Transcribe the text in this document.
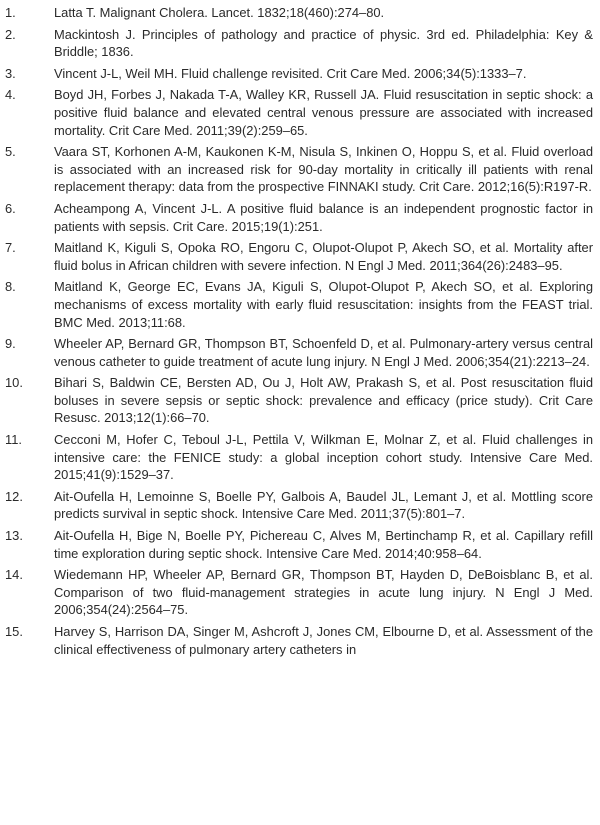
1.	Latta T. Malignant Cholera. Lancet. 1832;18(460):274–80.
2.	Mackintosh J. Principles of pathology and practice of physic. 3rd ed. Philadelphia: Key & Briddle; 1836.
3.	Vincent J-L, Weil MH. Fluid challenge revisited. Crit Care Med. 2006;34(5):1333–7.
4.	Boyd JH, Forbes J, Nakada T-A, Walley KR, Russell JA. Fluid resuscitation in septic shock: a positive fluid balance and elevated central venous pressure are associated with increased mortality. Crit Care Med. 2011;39(2):259–65.
5.	Vaara ST, Korhonen A-M, Kaukonen K-M, Nisula S, Inkinen O, Hoppu S, et al. Fluid overload is associated with an increased risk for 90-day mortality in critically ill patients with renal replacement therapy: data from the prospective FINNAKI study. Crit Care. 2012;16(5):R197-R.
6.	Acheampong A, Vincent J-L. A positive fluid balance is an independent prognostic factor in patients with sepsis. Crit Care. 2015;19(1):251.
7.	Maitland K, Kiguli S, Opoka RO, Engoru C, Olupot-Olupot P, Akech SO, et al. Mortality after fluid bolus in African children with severe infection. N Engl J Med. 2011;364(26):2483–95.
8.	Maitland K, George EC, Evans JA, Kiguli S, Olupot-Olupot P, Akech SO, et al. Exploring mechanisms of excess mortality with early fluid resuscitation: insights from the FEAST trial. BMC Med. 2013;11:68.
9.	Wheeler AP, Bernard GR, Thompson BT, Schoenfeld D, et al. Pulmonary-artery versus central venous catheter to guide treatment of acute lung injury. N Engl J Med. 2006;354(21):2213–24.
10. Bihari S, Baldwin CE, Bersten AD, Ou J, Holt AW, Prakash S, et al. Post resuscitation fluid boluses in severe sepsis or septic shock: prevalence and efficacy (price study). Crit Care Resusc. 2013;12(1):66–70.
11. Cecconi M, Hofer C, Teboul J-L, Pettila V, Wilkman E, Molnar Z, et al. Fluid challenges in intensive care: the FENICE study: a global inception cohort study. Intensive Care Med. 2015;41(9):1529–37.
12. Ait-Oufella H, Lemoinne S, Boelle PY, Galbois A, Baudel JL, Lemant J, et al. Mottling score predicts survival in septic shock. Intensive Care Med. 2011;37(5):801–7.
13. Ait-Oufella H, Bige N, Boelle PY, Pichereau C, Alves M, Bertinchamp R, et al. Capillary refill time exploration during septic shock. Intensive Care Med. 2014;40:958–64.
14. Wiedemann HP, Wheeler AP, Bernard GR, Thompson BT, Hayden D, DeBoisblanc B, et al. Comparison of two fluid-management strategies in acute lung injury. N Engl J Med. 2006;354(24):2564–75.
15. Harvey S, Harrison DA, Singer M, Ashcroft J, Jones CM, Elbourne D, et al. Assessment of the clinical effectiveness of pulmonary artery catheters in
